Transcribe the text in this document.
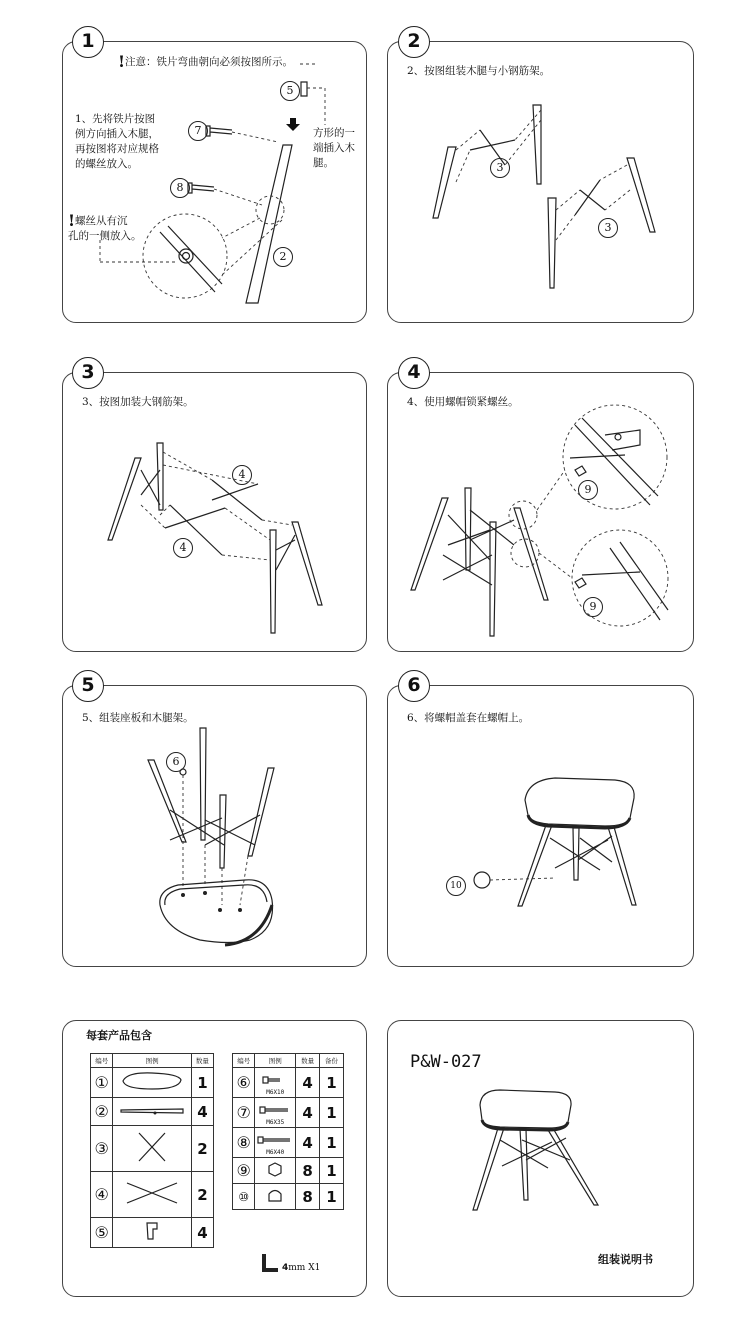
1
!注意：铁片弯曲朝向必须按图所示。
1、先将铁片按图
例方向插入木腿，
再按图将对应规格
的螺丝放入。
方形的一
端插入木
腿。
!螺丝从有沉
孔的一侧放入。
5
7
8
2
2
2、按图组装木腿与小钢筋架。
3
3
3
3、按图加装大钢筋架。
4
4
4
4、使用螺帽锁紧螺丝。
9
9
5
5、组装座板和木腿架。
6
6
6、将螺帽盖套在螺帽上。
10
每套产品包含
编号	图例	数量
①		1
②		4
③		2
④		2
⑤		4
编号	图例	数量	备份
⑥	M6X10	4	1
⑦	M6X35	4	1
⑧	M6X40	4	1
⑨		8	1
⑩		8	1
4mm X1
P&W-027
组装说明书
